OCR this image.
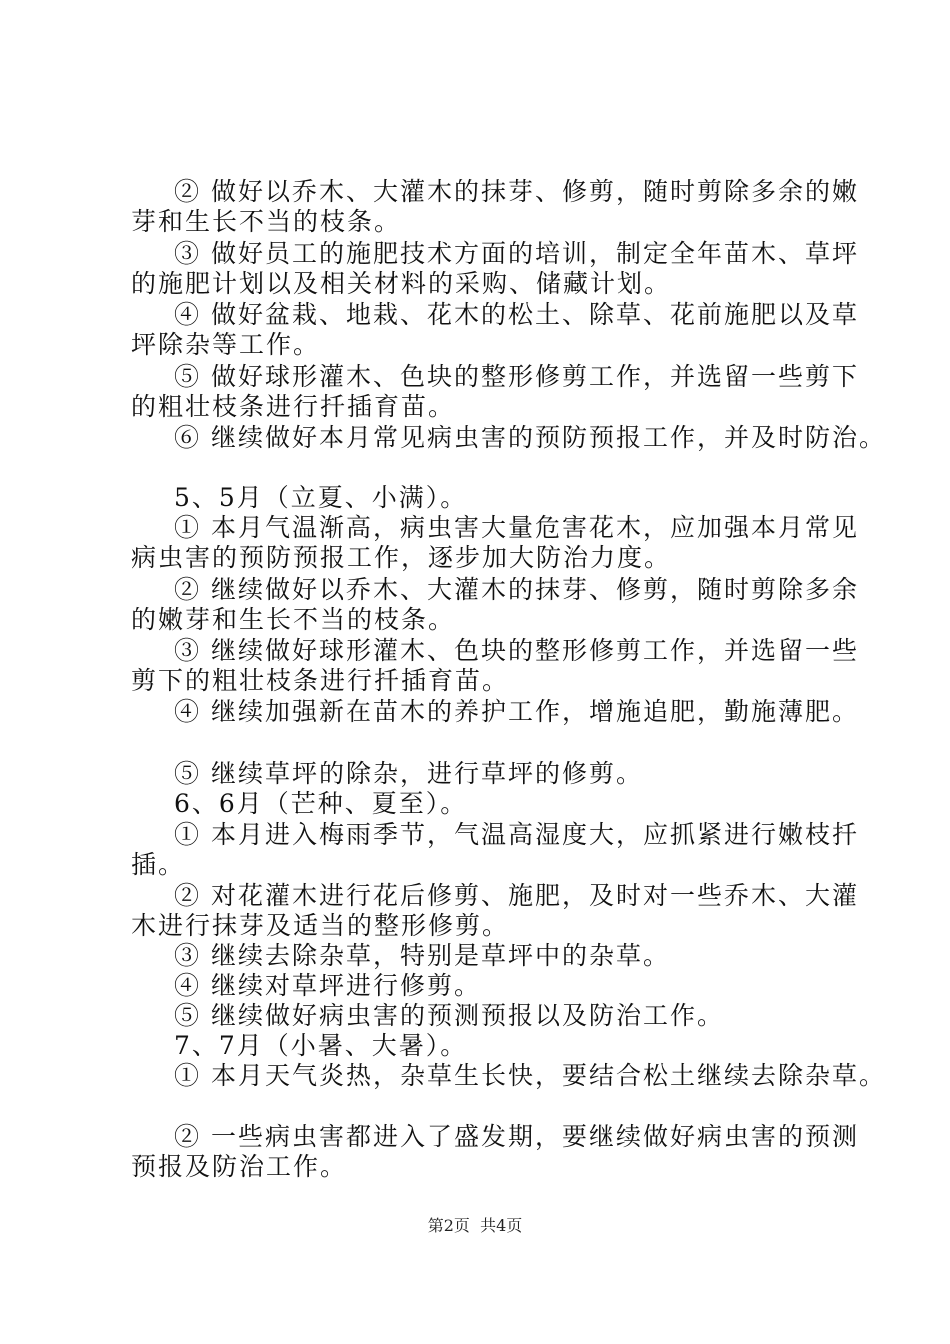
② 做好以乔木、大灌木的抹芽、修剪，随时剪除多余的嫩
芽和生长不当的枝条。
③ 做好员工的施肥技术方面的培训，制定全年苗木、草坪
的施肥计划以及相关材料的采购、储藏计划。
④ 做好盆栽、地栽、花木的松土、除草、花前施肥以及草
坪除杂等工作。
⑤ 做好球形灌木、色块的整形修剪工作，并选留一些剪下
的粗壮枝条进行扦插育苗。
⑥ 继续做好本月常见病虫害的预防预报工作，并及时防治。
5、5月（立夏、小满）。
① 本月气温渐高，病虫害大量危害花木，应加强本月常见
病虫害的预防预报工作，逐步加大防治力度。
② 继续做好以乔木、大灌木的抹芽、修剪，随时剪除多余
的嫩芽和生长不当的枝条。
③ 继续做好球形灌木、色块的整形修剪工作，并选留一些
剪下的粗壮枝条进行扦插育苗。
④ 继续加强新在苗木的养护工作，增施追肥，勤施薄肥。
⑤ 继续草坪的除杂，进行草坪的修剪。
6、6月（芒种、夏至）。
① 本月进入梅雨季节，气温高湿度大，应抓紧进行嫩枝扦
插。
② 对花灌木进行花后修剪、施肥，及时对一些乔木、大灌
木进行抹芽及适当的整形修剪。
③ 继续去除杂草，特别是草坪中的杂草。
④ 继续对草坪进行修剪。
⑤ 继续做好病虫害的预测预报以及防治工作。
7、7月（小暑、大暑）。
① 本月天气炎热，杂草生长快，要结合松土继续去除杂草。
② 一些病虫害都进入了盛发期，要继续做好病虫害的预测
预报及防治工作。
第2页 共4页
